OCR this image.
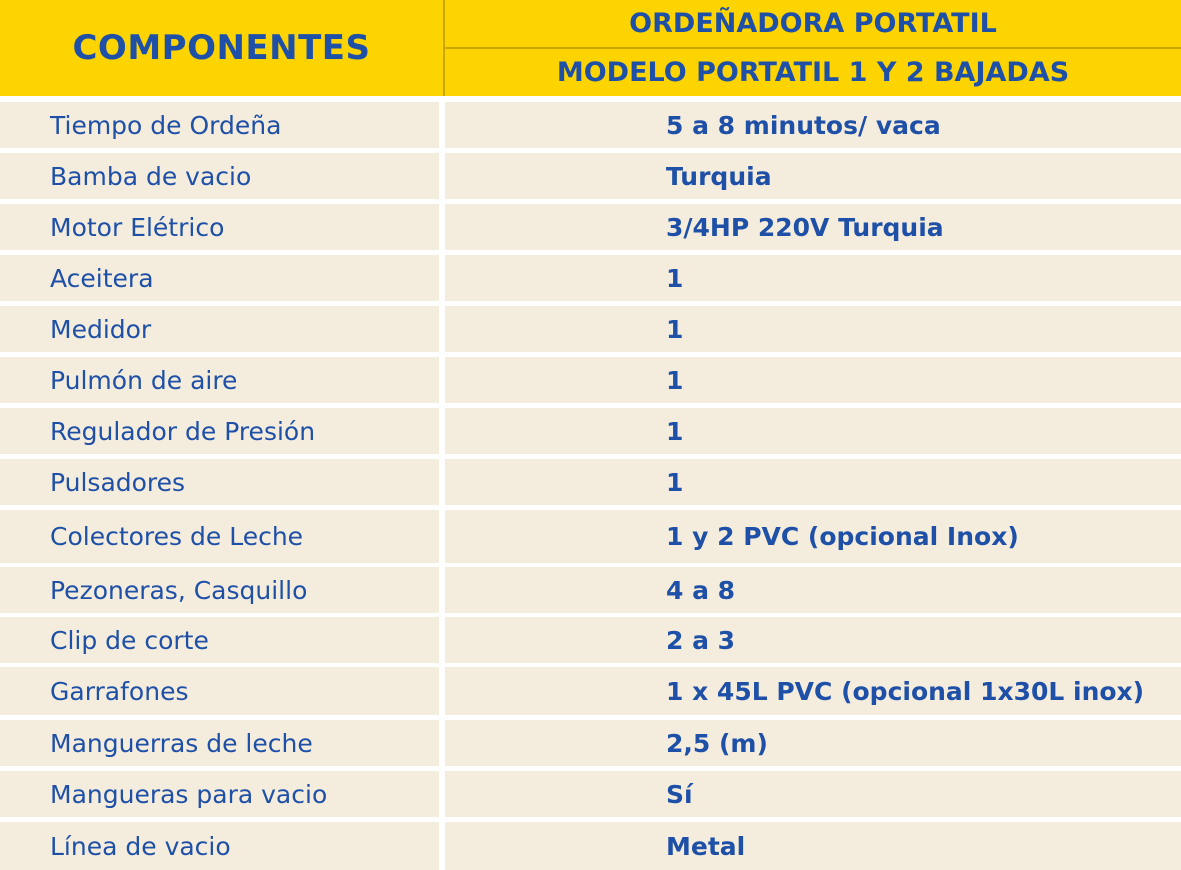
COMPONENTES
ORDEÑADORA PORTATIL
MODELO PORTATIL 1 Y 2 BAJADAS
Tiempo de Ordeña	5 a 8 minutos/ vaca
Bamba de vacio	Turquia
Motor Elétrico	3/4HP 220V Turquia
Aceitera	1
Medidor	1
Pulmón de aire	1
Regulador de Presión	1
Pulsadores	1
Colectores de Leche	1 y 2 PVC (opcional Inox)
Pezoneras, Casquillo	4 a 8
Clip de corte	2 a 3
Garrafones	1 x 45L PVC (opcional 1x30L inox)
Manguerras de leche	2,5 (m)
Mangueras para vacio	Sí
Línea de vacio	Metal
